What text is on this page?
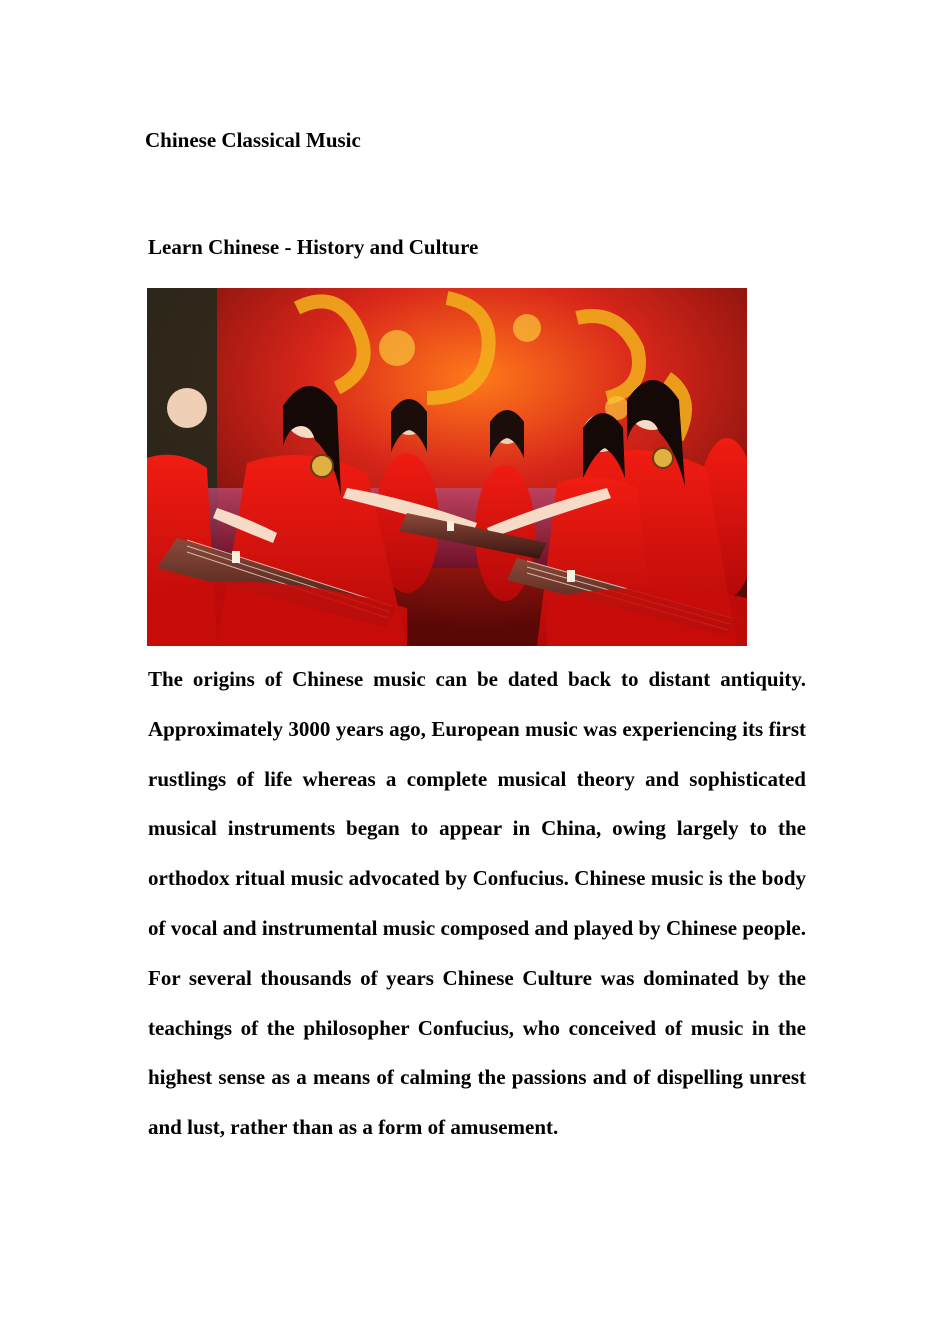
Chinese Classical Music
Learn Chinese - History and Culture

The origins of Chinese music can be dated back to distant antiquity. Approximately 3000 years ago, European music was experiencing its first rustlings of life whereas a complete musical theory and sophisticated musical instruments began to appear in China, owing largely to the orthodox ritual music advocated by Confucius. Chinese music is the body of vocal and instrumental music composed and played by Chinese people. For several thousands of years Chinese Culture was dominated by the teachings of the philosopher Confucius, who conceived of music in the highest sense as a means of calming the passions and of dispelling unrest and lust, rather than as a form of amusement.
